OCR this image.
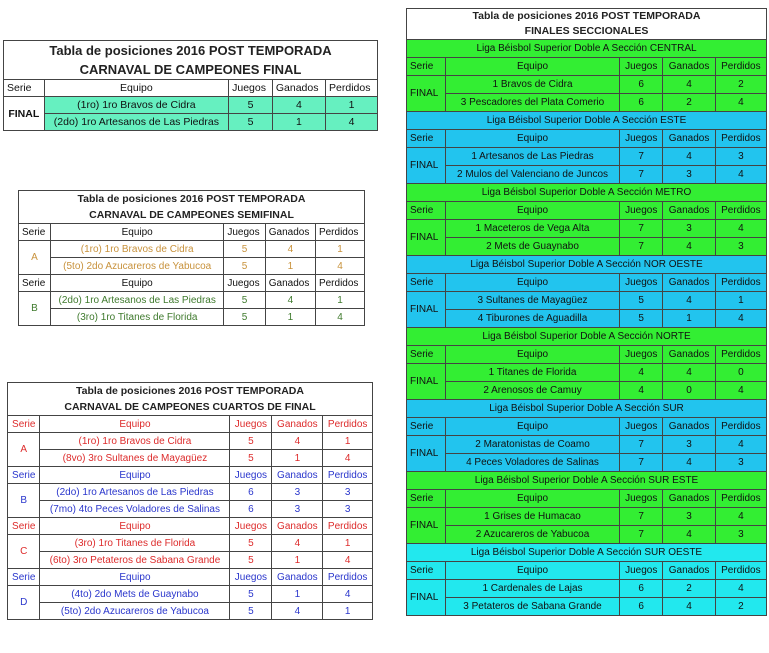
Tabla de posiciones 2016 POST TEMPORADA
CARNAVAL DE CAMPEONES FINAL				

Serie	Equipo	Juegos	Ganados	Perdidos
FINAL	(1ro) 1ro Bravos de Cidra	5	4	1
	(2do) 1ro Artesanos de Las Piedras	5	1	4
Tabla de posiciones 2016 POST TEMPORADA
CARNAVAL DE CAMPEONES SEMIFINAL				

Serie	Equipo	Juegos	Ganados	Perdidos
A	(1ro) 1ro Bravos de Cidra	5	4	1
	(5to) 2do Azucareros de Yabucoa	5	1	4
Serie	Equipo	Juegos	Ganados	Perdidos
B	(2do) 1ro Artesanos de Las Piedras	5	4	1
	(3ro) 1ro Titanes de Florida	5	1	4
Tabla de posiciones 2016 POST TEMPORADA
CARNAVAL DE CAMPEONES CUARTOS DE FINAL				

Serie	Equipo	Juegos	Ganados	Perdidos
A	(1ro) 1ro Bravos de Cidra	5	4	1
	(8vo) 3ro Sultanes de Mayagüez	5	1	4
Serie	Equipo	Juegos	Ganados	Perdidos
B	(2do) 1ro Artesanos de Las Piedras	6	3	3
	(7mo) 4to Peces Voladores de Salinas	6	3	3
Serie	Equipo	Juegos	Ganados	Perdidos
C	(3ro) 1ro Titanes de Florida	5	4	1
	(6to) 3ro Petateros de Sabana Grande	5	1	4
Serie	Equipo	Juegos	Ganados	Perdidos
D	(4to) 2do Mets de Guaynabo	5	1	4
	(5to) 2do Azucareros de Yabucoa	5	4	1
Tabla de posiciones 2016 POST TEMPORADA
FINALES SECCIONALES				

Liga Béisbol Superior Doble A Sección CENTRAL				
Serie	Equipo	Juegos	Ganados	Perdidos
FINAL	1 Bravos de Cidra	6	4	2
	3 Pescadores del Plata Comerio	6	2	4
Liga Béisbol Superior Doble A Sección ESTE				
Serie	Equipo	Juegos	Ganados	Perdidos
FINAL	1 Artesanos de Las Piedras	7	4	3
	2 Mulos del Valenciano de Juncos	7	3	4
Liga Béisbol Superior Doble A Sección METRO				
Serie	Equipo	Juegos	Ganados	Perdidos
FINAL	1 Maceteros de Vega Alta	7	3	4
	2 Mets de Guaynabo	7	4	3
Liga Béisbol Superior Doble A Sección NOR OESTE				
Serie	Equipo	Juegos	Ganados	Perdidos
FINAL	3 Sultanes de Mayagüez	5	4	1
	4 Tiburones de Aguadilla	5	1	4
Liga Béisbol Superior Doble A Sección NORTE				
Serie	Equipo	Juegos	Ganados	Perdidos
FINAL	1 Titanes de Florida	4	4	0
	2 Arenosos de Camuy	4	0	4
Liga Béisbol Superior Doble A Sección SUR				
Serie	Equipo	Juegos	Ganados	Perdidos
FINAL	2 Maratonistas de Coamo	7	3	4
	4 Peces Voladores de Salinas	7	4	3
Liga Béisbol Superior Doble A Sección SUR ESTE				
Serie	Equipo	Juegos	Ganados	Perdidos
FINAL	1 Grises de Humacao	7	3	4
	2 Azucareros de Yabucoa	7	4	3
Liga Béisbol Superior Doble A Sección SUR OESTE				
Serie	Equipo	Juegos	Ganados	Perdidos
FINAL	1 Cardenales de Lajas	6	2	4
	3 Petateros de Sabana Grande	6	4	2
